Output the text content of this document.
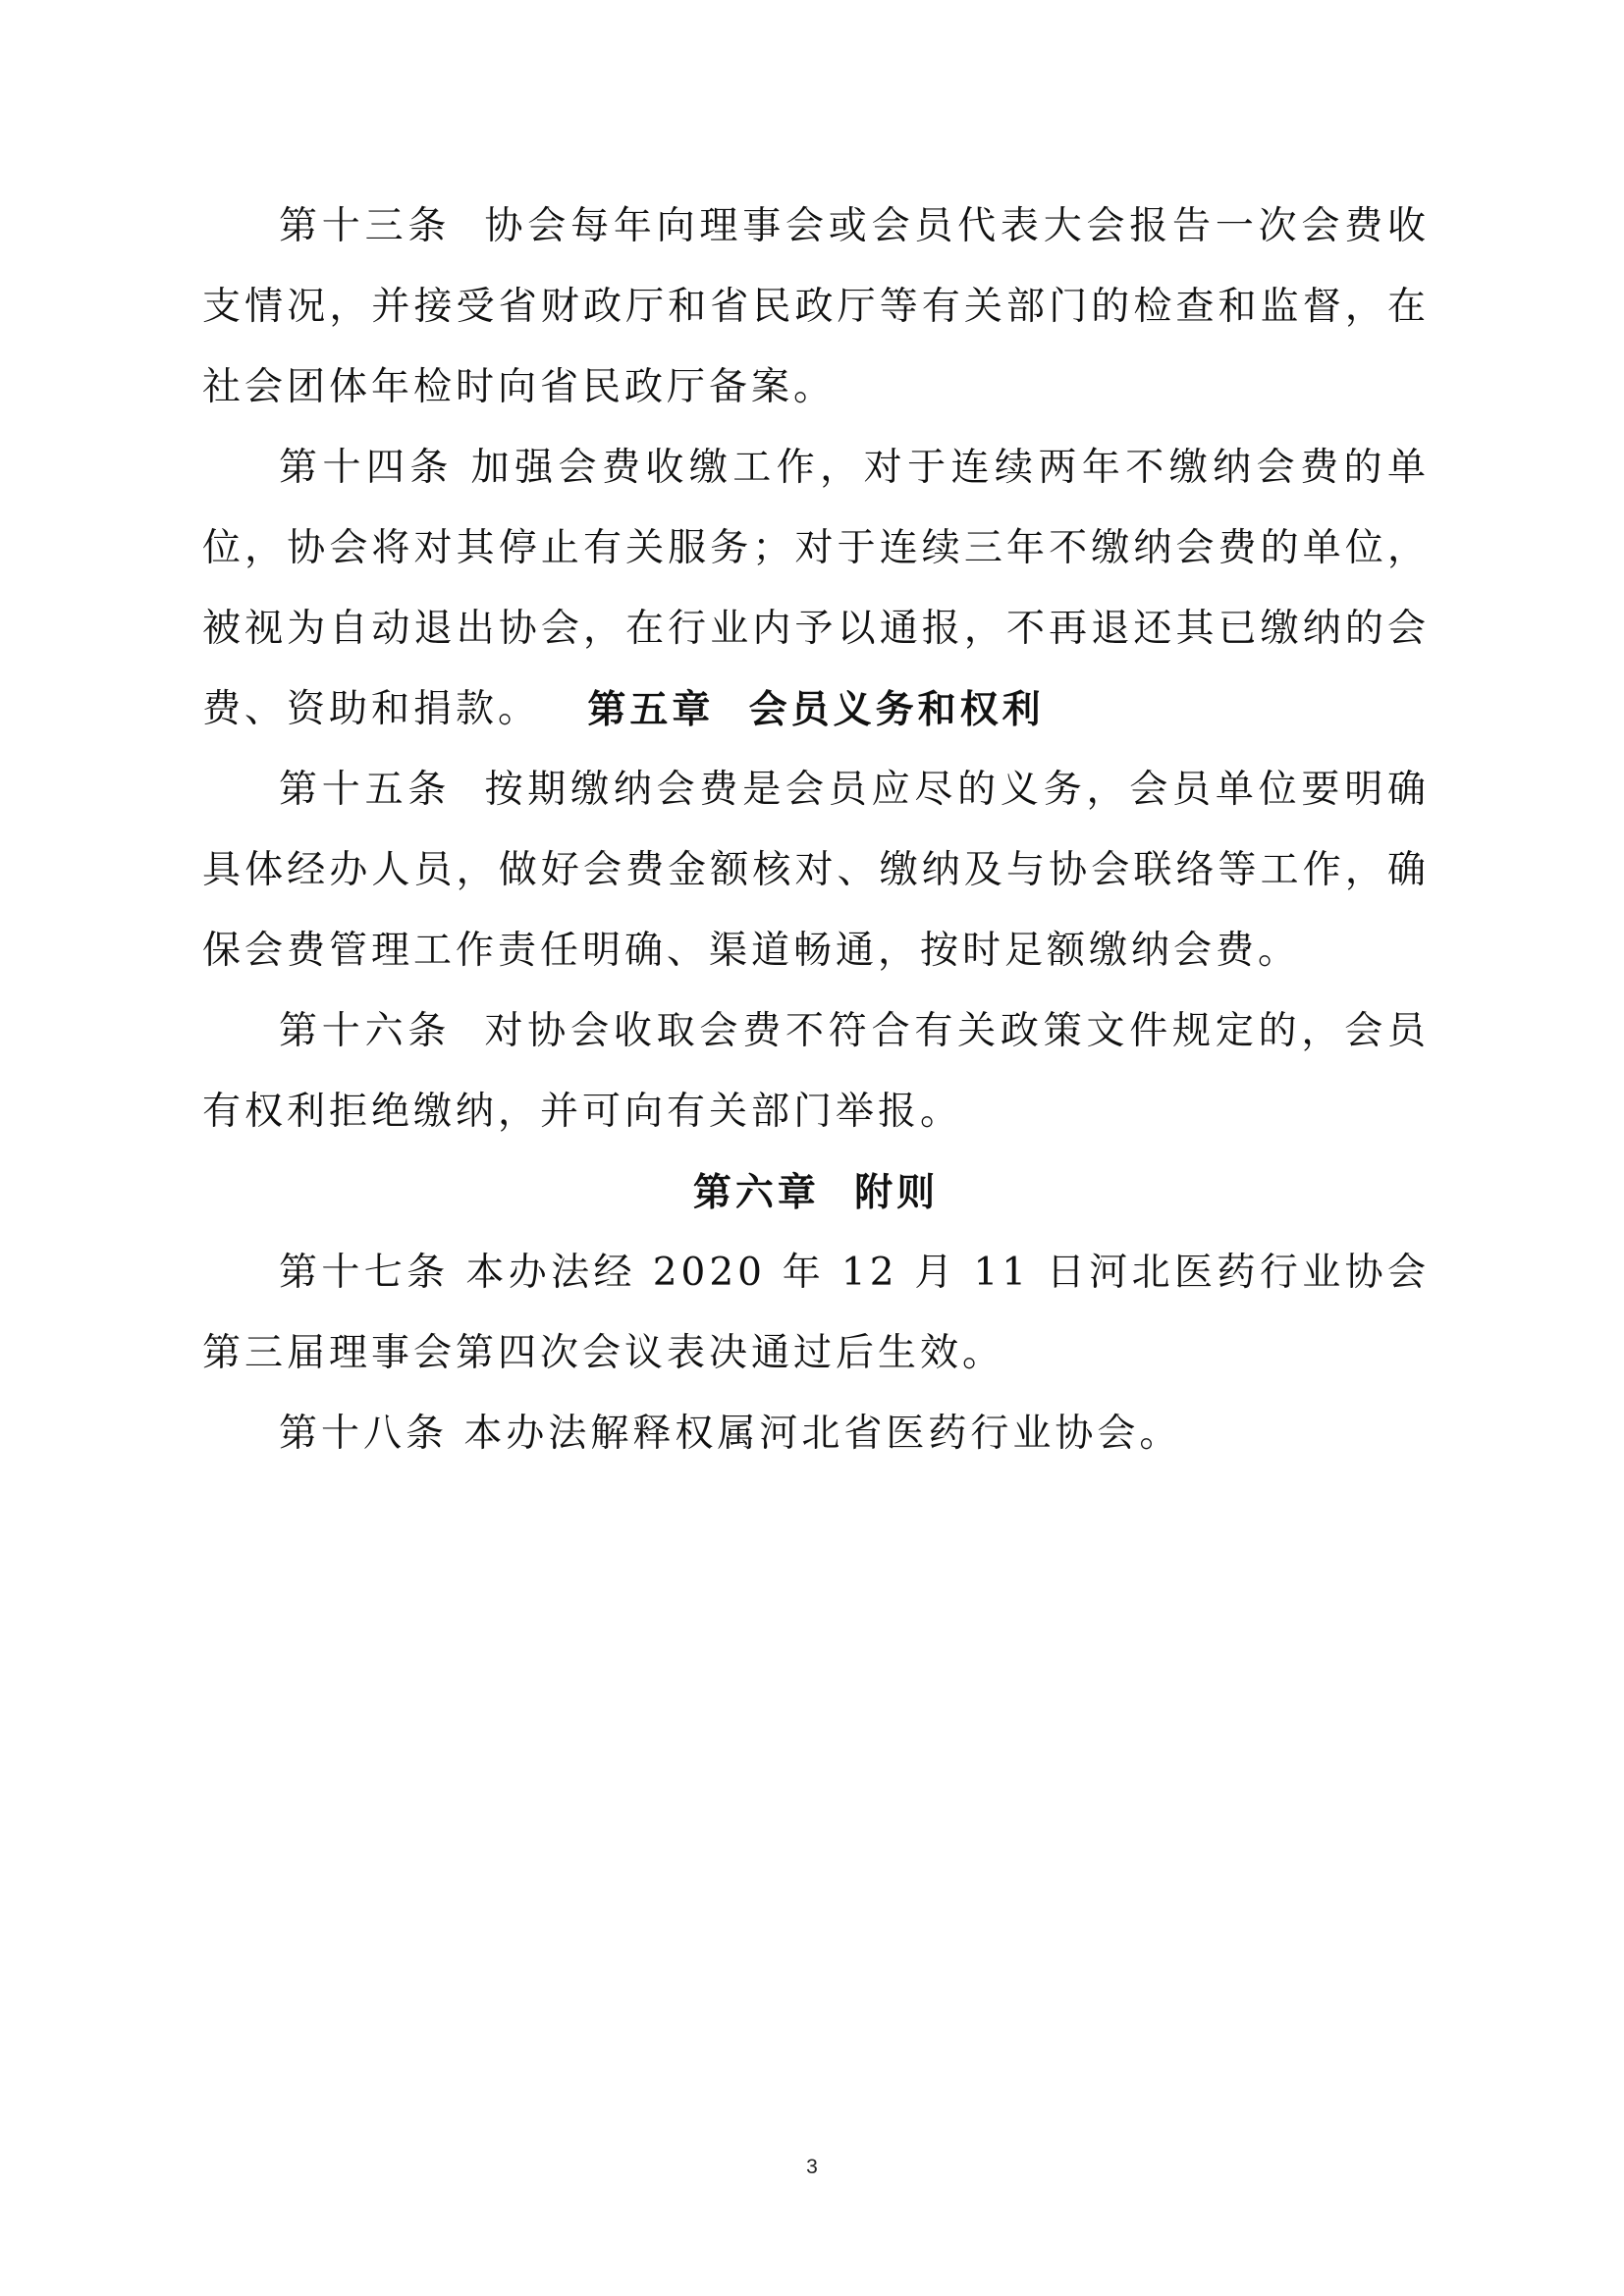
第十三条 协会每年向理事会或会员代表大会报告一次会费收支情况，并接受省财政厅和省民政厅等有关部门的检查和监督，在社会团体年检时向省民政厅备案。

第十四条 加强会费收缴工作，对于连续两年不缴纳会费的单位，协会将对其停止有关服务；对于连续三年不缴纳会费的单位，被视为自动退出协会，在行业内予以通报，不再退还其已缴纳的会费、资助和捐款。	第五章 会员义务和权利

第十五条 按期缴纳会费是会员应尽的义务，会员单位要明确具体经办人员，做好会费金额核对、缴纳及与协会联络等工作，确保会费管理工作责任明确、渠道畅通，按时足额缴纳会费。

第十六条 对协会收取会费不符合有关政策文件规定的，会员有权利拒绝缴纳，并可向有关部门举报。

第六章 附则

第十七条 本办法经 2020 年 12 月 11 日河北医药行业协会第三届理事会第四次会议表决通过后生效。

第十八条 本办法解释权属河北省医药行业协会。

3
